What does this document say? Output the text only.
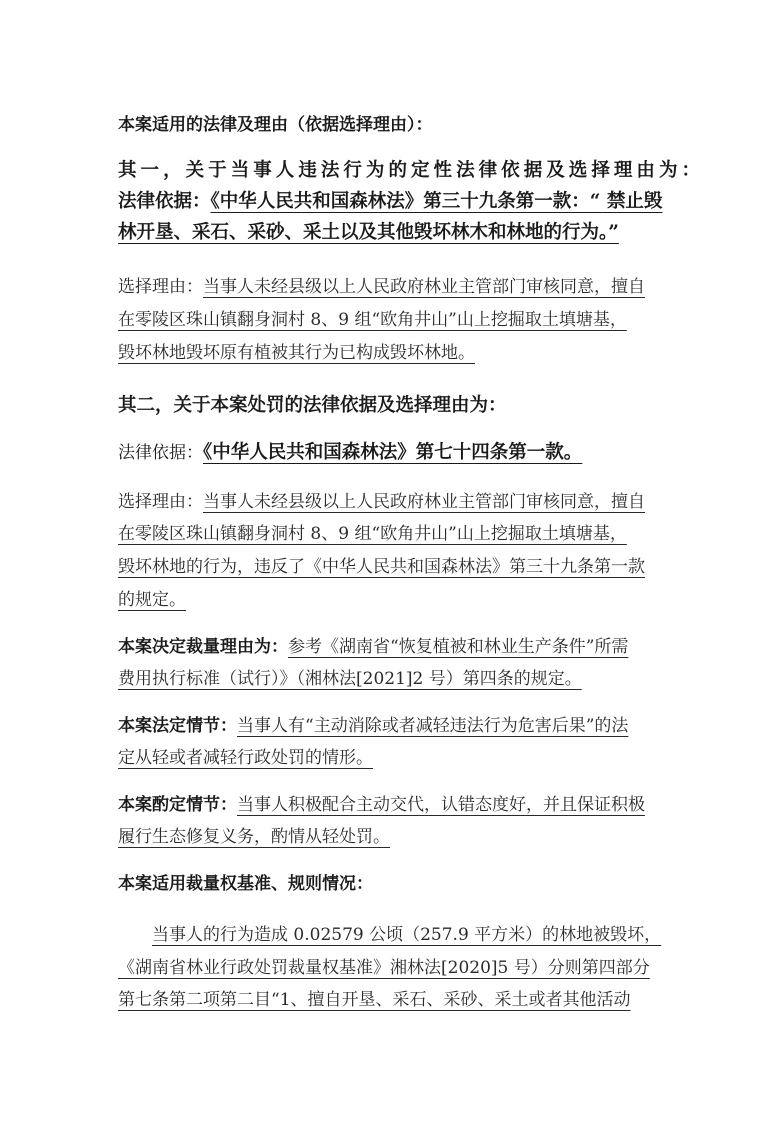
本案适用的法律及理由（依据选择理由）：
其一，关于当事人违法行为的定性法律依据及选择理由为：
法律依据：《中华人民共和国森林法》第三十九条第一款：“ 禁止毁
林开垦、采石、采砂、采土以及其他毁坏林木和林地的行为。”
选择理由：当事人未经县级以上人民政府林业主管部门审核同意，擅自
在零陵区珠山镇翻身洞村 8、9 组“欧角井山”山上挖掘取土填塘基，
毁坏林地毁坏原有植被其行为已构成毁坏林地。
其二，关于本案处罚的法律依据及选择理由为：
法律依据：《中华人民共和国森林法》第七十四条第一款。
选择理由：当事人未经县级以上人民政府林业主管部门审核同意，擅自
在零陵区珠山镇翻身洞村 8、9 组“欧角井山”山上挖掘取土填塘基，
毁坏林地的行为，违反了《中华人民共和国森林法》第三十九条第一款
的规定。
本案决定裁量理由为：参考《湖南省“恢复植被和林业生产条件”所需
费用执行标准（试行）》（湘林法[2021]2 号）第四条的规定。
本案法定情节：当事人有“主动消除或者减轻违法行为危害后果”的法
定从轻或者减轻行政处罚的情形。
本案酌定情节：当事人积极配合主动交代，认错态度好，并且保证积极
履行生态修复义务，酌情从轻处罚。
本案适用裁量权基准、规则情况：
当事人的行为造成 0.02579 公顷（257.9 平方米）的林地被毁坏，
《湖南省林业行政处罚裁量权基准》湘林法[2020]5 号）分则第四部分
第七条第二项第二目“1、擅自开垦、采石、采砂、采土或者其他活动
